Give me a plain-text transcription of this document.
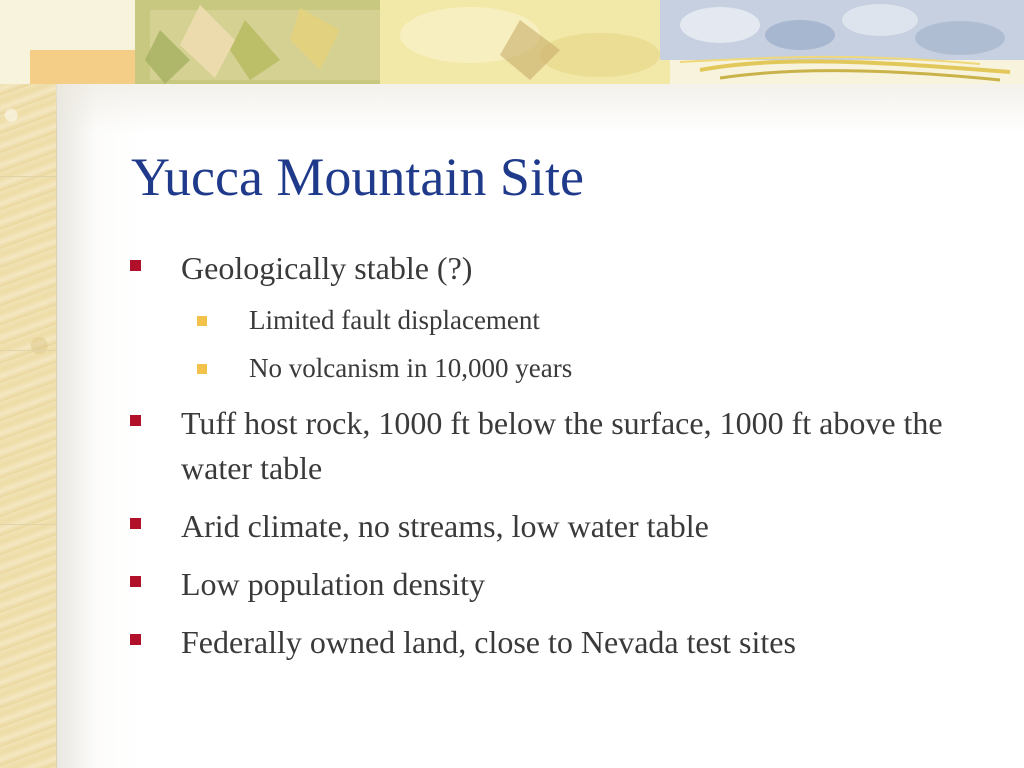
Yucca Mountain Site
Geologically stable (?)
Limited fault displacement
No volcanism in 10,000 years
Tuff host rock, 1000 ft below the surface, 1000 ft above the water table
Arid climate, no streams, low water table
Low population density
Federally owned land, close to Nevada test sites
